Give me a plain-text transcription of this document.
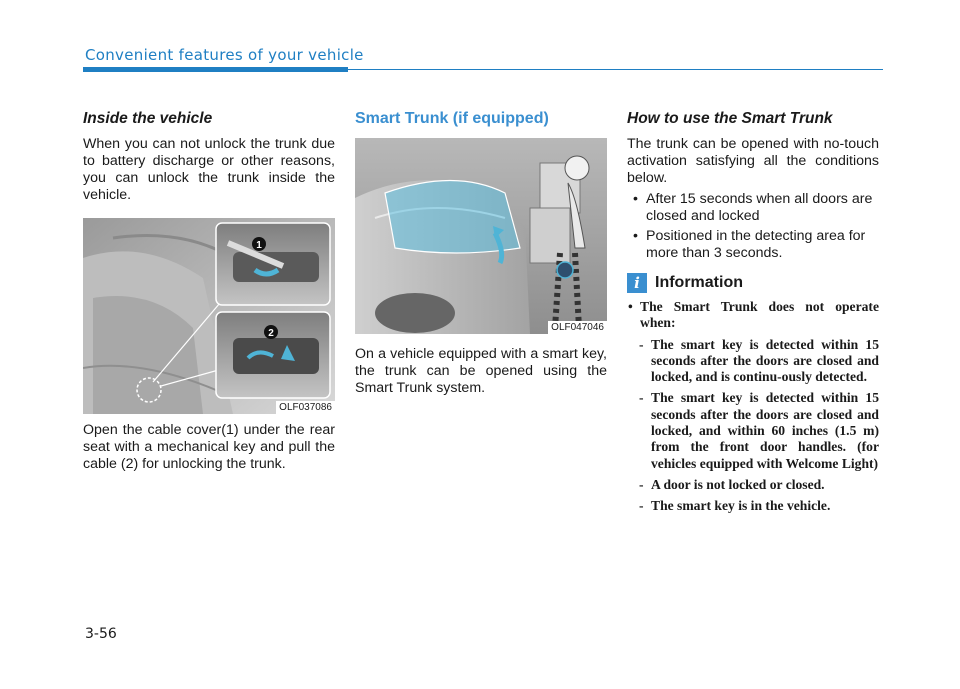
Convenient features of your vehicle
Inside the vehicle

When you can not unlock the trunk due to battery discharge or other reasons, you can unlock the trunk inside the vehicle.

1
2
OLF037086

Open the cable cover(1) under the rear seat with a mechanical key and pull the cable (2) for unlocking the trunk.

Smart Trunk (if equipped)
OLF047046

On a vehicle equipped with a smart key, the trunk can be opened using the Smart Trunk system.

How to use the Smart Trunk

The trunk can be opened with no-touch activation satisfying all the conditions below.

• After 15 seconds when all doors are closed and locked
• Positioned in the detecting area for more than 3 seconds.
i Information

• The Smart Trunk does not operate when:

- The smart key is detected within 15 seconds after the doors are closed and locked, and is continu-ously detected.

- The smart key is detected within 15 seconds after the doors are closed and locked, and within 60 inches (1.5 m) from the front door handles. (for vehicles equipped with Welcome Light)

- A door is not locked or closed.

- The smart key is in the vehicle.

3-56
